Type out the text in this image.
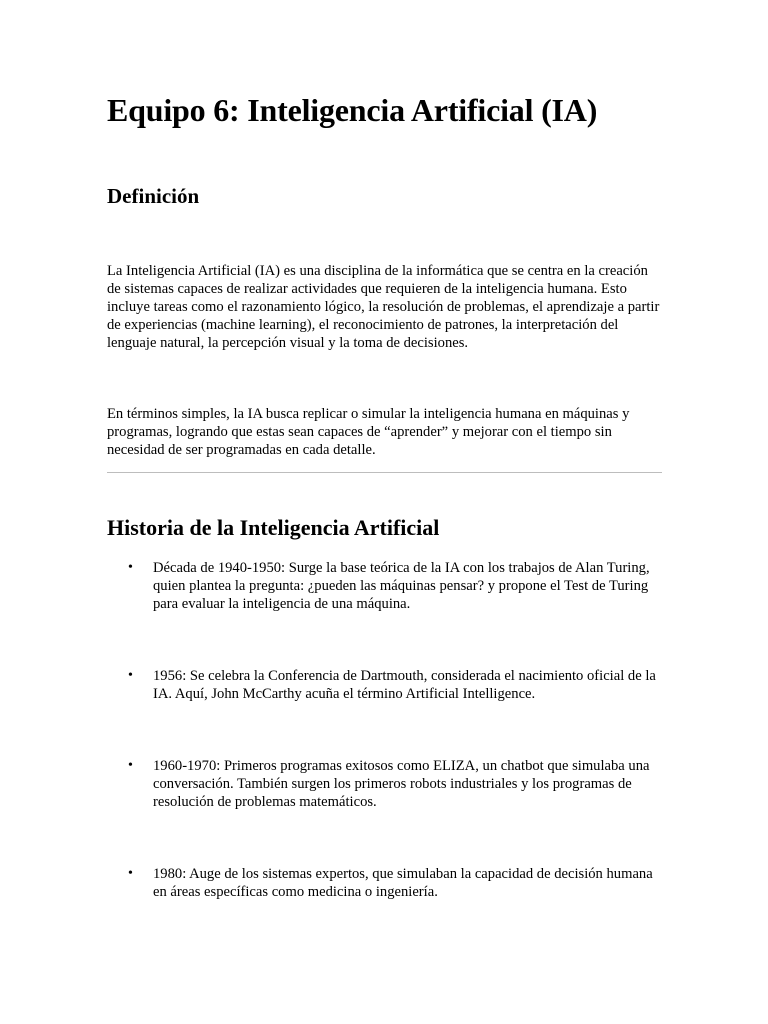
Equipo 6: Inteligencia Artificial (IA)
Definición

La Inteligencia Artificial (IA) es una disciplina de la informática que se centra en la creación de sistemas capaces de realizar actividades que requieren de la inteligencia humana. Esto incluye tareas como el razonamiento lógico, la resolución de problemas, el aprendizaje a partir de experiencias (machine learning), el reconocimiento de patrones, la interpretación del lenguaje natural, la percepción visual y la toma de decisiones.

En términos simples, la IA busca replicar o simular la inteligencia humana en máquinas y programas, logrando que estas sean capaces de “aprender” y mejorar con el tiempo sin necesidad de ser programadas en cada detalle.

Historia de la Inteligencia Artificial
• Década de 1940-1950: Surge la base teórica de la IA con los trabajos de Alan Turing, quien plantea la pregunta: ¿pueden las máquinas pensar? y propone el Test de Turing para evaluar la inteligencia de una máquina.
• 1956: Se celebra la Conferencia de Dartmouth, considerada el nacimiento oficial de la IA. Aquí, John McCarthy acuña el término Artificial Intelligence.
• 1960-1970: Primeros programas exitosos como ELIZA, un chatbot que simulaba una conversación. También surgen los primeros robots industriales y los programas de resolución de problemas matemáticos.
• 1980: Auge de los sistemas expertos, que simulaban la capacidad de decisión humana en áreas específicas como medicina o ingeniería.
